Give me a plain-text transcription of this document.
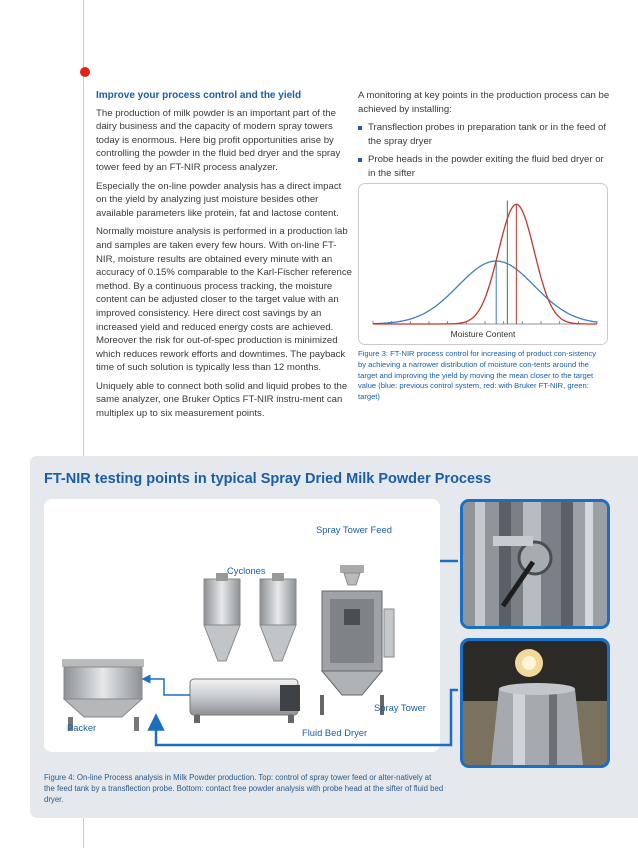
Improve your process control and the yield

The production of milk powder is an important part of the dairy business and the capacity of modern spray towers today is enormous. Here big profit opportunities arise by controlling the powder in the fluid bed dryer and the spray tower feed by an FT-NIR process analyzer.

Especially the on-line powder analysis has a direct impact on the yield by analyzing just moisture besides other available parameters like protein, fat and lactose content.

Normally moisture analysis is performed in a production lab and samples are taken every few hours. With on-line FT-NIR, moisture results are obtained every minute with an accuracy of 0.15% comparable to the Karl-Fischer reference method. By a continuous process tracking, the moisture content can be adjusted closer to the target value with an improved consistency. Here direct cost savings by an increased yield and reduced energy costs are achieved. Moreover the risk for out-of-spec production is minimized which reduces rework efforts and downtimes. The payback time of such solution is typically less than 12 months.

Uniquely able to connect both solid and liquid probes to the same analyzer, one Bruker Optics FT-NIR instru-ment can multiplex up to six measurement points.

A monitoring at key points in the production process can be achieved by installing:

Transflection probes in preparation tank or in the feed of the spray dryer
Probe heads in the powder exiting the fluid bed dryer or in the sifter
Moisture Content
Figure 3: FT-NIR process control for increasing of product con-sistency by achieving a narrower distribution of moisture con-tents around the target and improving the yield by moving the mean closer to the target value (blue: previous control system, red: with Bruker FT-NIR, green: target)
FT-NIR testing points in typical Spray Dried Milk Powder Process
Spray Tower Feed
Cyclones
Spray Tower
Packer	Fluid Bed Dryer
Figure 4: On-line Process analysis in Milk Powder production. Top: control of spray tower feed or alter-natively at the feed tank by a transflection probe. Bottom: contact free powder analysis with probe head at the sifter of fluid bed dryer.
